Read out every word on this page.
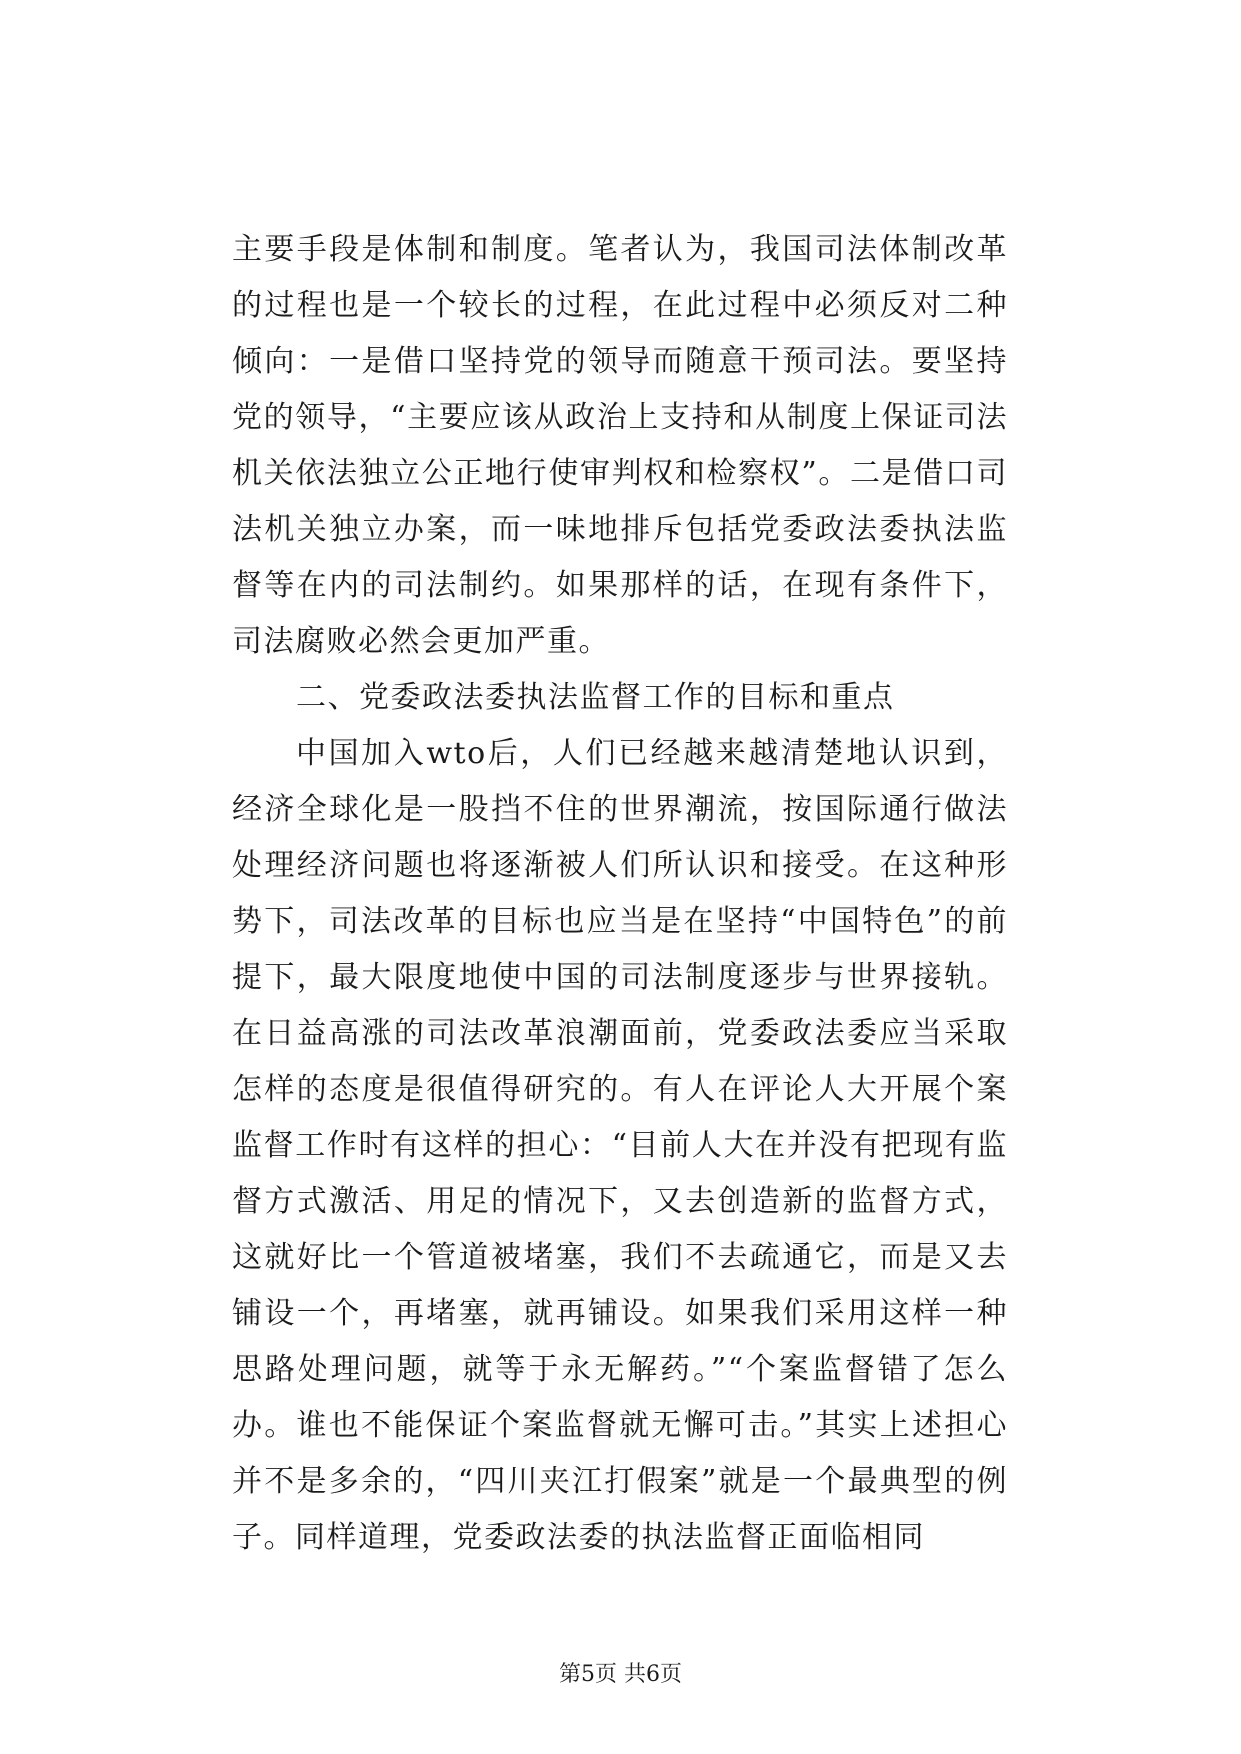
主要手段是体制和制度。笔者认为，我国司法体制改革的过程也是一个较长的过程，在此过程中必须反对二种倾向：一是借口坚持党的领导而随意干预司法。要坚持党的领导，“主要应该从政治上支持和从制度上保证司法机关依法独立公正地行使审判权和检察权”。二是借口司法机关独立办案，而一味地排斥包括党委政法委执法监督等在内的司法制约。如果那样的话，在现有条件下，司法腐败必然会更加严重。

二、党委政法委执法监督工作的目标和重点

中国加入wto后，人们已经越来越清楚地认识到，经济全球化是一股挡不住的世界潮流，按国际通行做法处理经济问题也将逐渐被人们所认识和接受。在这种形势下，司法改革的目标也应当是在坚持“中国特色”的前提下，最大限度地使中国的司法制度逐步与世界接轨。在日益高涨的司法改革浪潮面前，党委政法委应当采取怎样的态度是很值得研究的。有人在评论人大开展个案监督工作时有这样的担心：“目前人大在并没有把现有监督方式激活、用足的情况下，又去创造新的监督方式，这就好比一个管道被堵塞，我们不去疏通它，而是又去铺设一个，再堵塞，就再铺设。如果我们采用这样一种思路处理问题，就等于永无解药。”“个案监督错了怎么办。谁也不能保证个案监督就无懈可击。”其实上述担心并不是多余的，“四川夹江打假案”就是一个最典型的例子。同样道理，党委政法委的执法监督正面临相同

第5页 共6页
